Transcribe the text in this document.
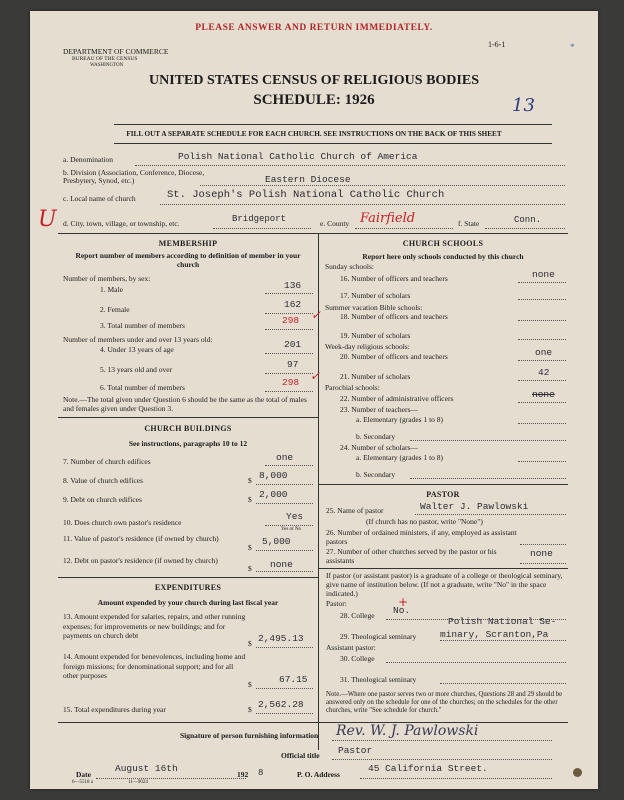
PLEASE ANSWER AND RETURN IMMEDIATELY.
1-6-1	*
DEPARTMENT OF COMMERCE
BUREAU OF THE CENSUS
WASHINGTON
UNITED STATES CENSUS OF RELIGIOUS BODIES
SCHEDULE: 1926	13
FILL OUT A SEPARATE SCHEDULE FOR EACH CHURCH. SEE INSTRUCTIONS ON THE BACK OF THIS SHEET
a. Denomination	Polish National Catholic Church of America
b. Division (Association, Conference, Diocese, Presbytery, Synod, etc.)	Eastern Diocese
c. Local name of church	St. Joseph's Polish National Catholic Church
U d. City, town, village, or township, etc.	Bridgeport	e. County Fairfield	f. State	Conn.
MEMBERSHIP
Report number of members according to definition of member in your church
Number of members, by sex:
1. Male	136
2. Female	162
3. Total number of members	298 ✓
Number of members under and over 13 years old:
4. Under 13 years of age	201
5. 13 years old and over	97
6. Total number of members	298 ✓
Note.—The total given under Question 6 should be the same as the total of males and females given under Question 3.
CHURCH BUILDINGS
See instructions, paragraphs 10 to 12
7. Number of church edifices	one
8. Value of church edifices	$ 8,000
9. Debt on church edifices	$ 2,000
10. Does church own pastor's residence
Yes
Yes or No
11. Value of pastor's residence (if owned by church)
$
5,000
12. Debt on pastor's residence (if owned by church)
$ none
EXPENDITURES
Amount expended by your church during last fiscal year
13. Amount expended for salaries, repairs, and other running expenses; for improvements or new buildings; and for payments on church debt
$ 2,495.13
14. Amount expended for benevolences, including home and foreign missions; for denominational support; and for all other purposes
$	67.15
15. Total expenditures during year	$ 2,562.28
CHURCH SCHOOLS
Report here only schools conducted by this church
Sunday schools:
16. Number of officers and teachers	none
17. Number of scholars
Summer vacation Bible schools:
18. Number of officers and teachers
19. Number of scholars
Week-day religious schools:
20. Number of officers and teachers	one
21. Number of scholars	42
Parochial schools:
22. Number of administrative officers	none
23. Number of teachers—
a. Elementary (grades 1 to 8)
b. Secondary
24. Number of scholars—
a. Elementary (grades 1 to 8)
b. Secondary
PASTOR
25. Name of pastor	Walter J. Pawlowski
(If church has no pastor, write "None")
26. Number of ordained ministers, if any, employed as assistant pastors
27. Number of other churches served by the pastor or his assistants
none
If pastor (or assistant pastor) is a graduate of a college or theological seminary, give name of institution below. (If not a graduate, write "No" in the space indicated.)
Pastor:	+
28. College No.
29. Theological seminary
Polish National Se-
minary, Scranton,Pa
Assistant pastor:
30. College
31. Theological seminary
Note.—Where one pastor serves two or more churches, Questions 28 and 29 should be answered only on the schedule for one of the churches; on the schedules for the other churches, write "See schedule for church."
Signature of person furnishing information Rev. W. J. Pawlowski
Official title Pastor
Date
August 16th
192 8	P. O. Address
45 California Street.
6—5518 a	11—9024
